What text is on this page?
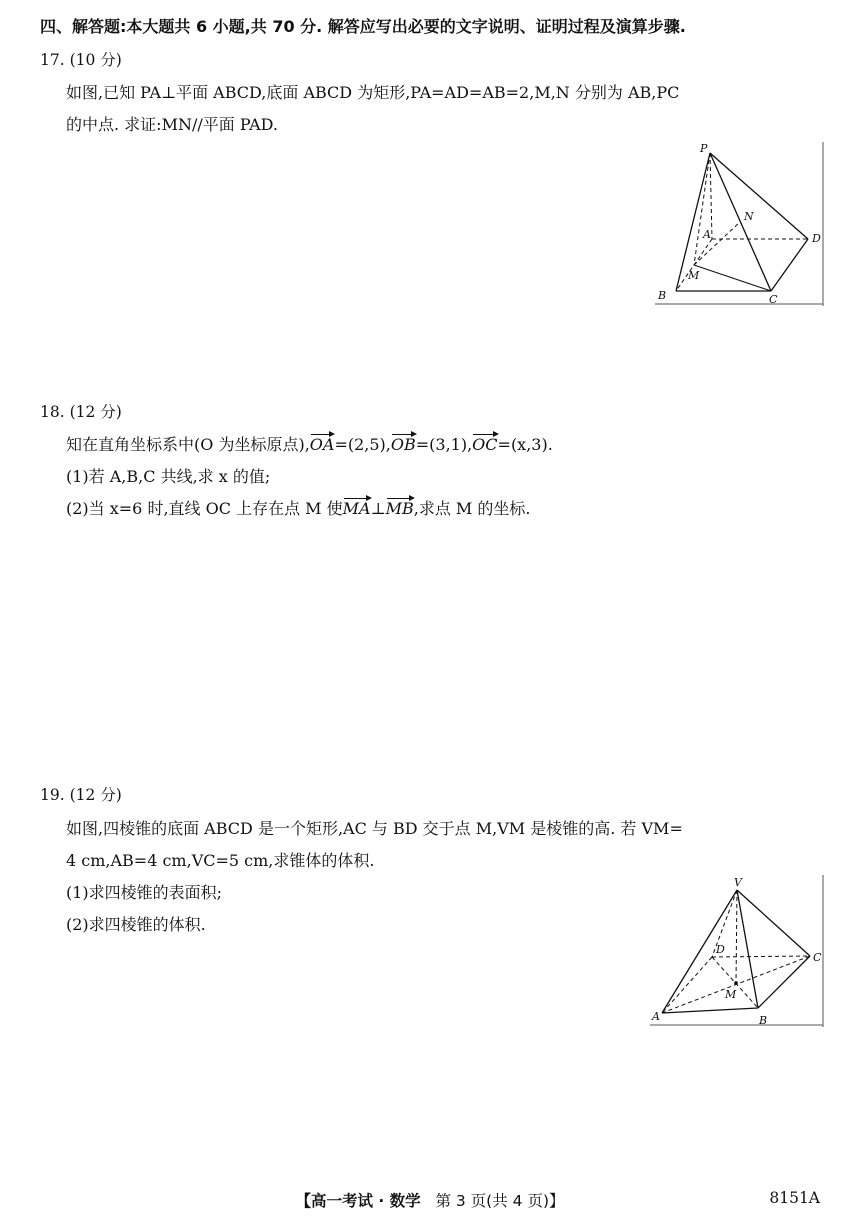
四、解答题:本大题共 6 小题,共 70 分. 解答应写出必要的文字说明、证明过程及演算步骤.
17. (10 分)
如图,已知 PA⊥平面 ABCD,底面 ABCD 为矩形,PA=AD=AB=2,M,N 分别为 AB,PC
的中点. 求证:MN//平面 PAD.
P
N
A	D
M
B	C
18. (12 分)
知在直角坐标系中(O 为坐标原点),OA=(2,5),OB=(3,1),OC=(x,3).
(1)若 A,B,C 共线,求 x 的值;
(2)当 x=6 时,直线 OC 上存在点 M 使MA⊥MB,求点 M 的坐标.
19. (12 分)
如图,四棱锥的底面 ABCD 是一个矩形,AC 与 BD 交于点 M,VM 是棱锥的高. 若 VM=
4 cm,AB=4 cm,VC=5 cm,求锥体的体积.
(1)求四棱锥的表面积;
(2)求四棱锥的体积.
V
D
C
M
A	B
【高一考试 · 数学 第 3 页(共 4 页)】	8151A
